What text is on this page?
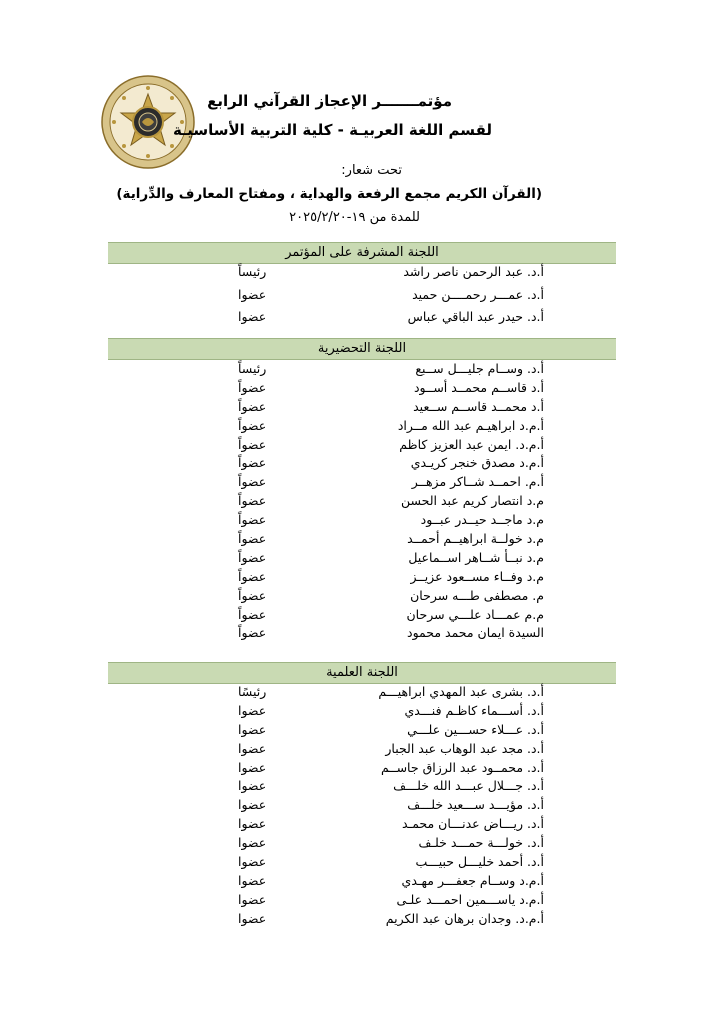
مؤتمـــــــر الإعجاز القرآني الرابع
لقسم اللغة العربيـة - كلية التربية الأساسيـة
تحت شعار:
(القرآن الكريم مجمع الرفعة والهداية ، ومفتاح المعارف والدِّراية)
للمدة من ١٩-٢٠٢٥/٢/٢٠
اللجنة المشرفة على المؤتمر
أ.د. عبد الرحمن ناصر راشد
رئيساً
أ.د. عمـــر رحمــــن حميد
عضوا
أ.د. حيدر عبد الباقي عباس
عضوا
اللجنة التحضيرية
أ.د. وســام جليـــل ســبع
رئيساً
أ.د قاســم محمــد أســود
عضواً
أ.د محمــد قاســم ســعيد
عضواً
أ.م.د ابراهيـم عبد الله مــراد
عضواً
أ.م.د. ايمن عبد العزيز كاظم
عضواً
أ.م.د مصدق خنجر كريـدي
عضواً
أ.م. احمــد شــاكر مزهــر
عضواً
م.د انتصار كريم عبد الحسن
عضواً
م.د ماجــد حيــدر عبــود
عضواً
م.د خولــة ابراهيــم أحمــد
عضواً
م.د نبــأ شــاهر اســماعيل
عضواً
م.د وفــاء مســعود عزيــز
عضواً
م. مصطفى طـــه سرحان
عضواً
م.م عمـــاد علـــي سرحان
عضواً
السيدة ايمان محمد محمود
عضواً
اللجنة العلمية
أ.د. بشرى عبد المهدي ابراهيـــم
رئيسًا
أ.د. أســـماء كاظـم فنـــدي
عضوا
أ.د. عـــلاء حســـين علـــي
عضوا
أ.د. مجد عبد الوهاب عبد الجبار
عضوا
أ.د. محمــود عبد الرزاق جاســم
عضوا
أ.د. جـــلال عبـــد الله خلـــف
عضوا
أ.د. مؤيـــد ســـعيد خلـــف
عضوا
أ.د. ريـــاض عدنـــان محمـد
عضوا
أ.د. خولـــة حمـــد خلـف
عضوا
أ.د. أحمد خليـــل حبيـــب
عضوا
أ.م.د وســام جعفـــر مهـدي
عضوا
أ.م.د ياســـمين احمـــد علـى
عضوا
أ.م.د. وجدان برهان عبد الكريم
عضوا
